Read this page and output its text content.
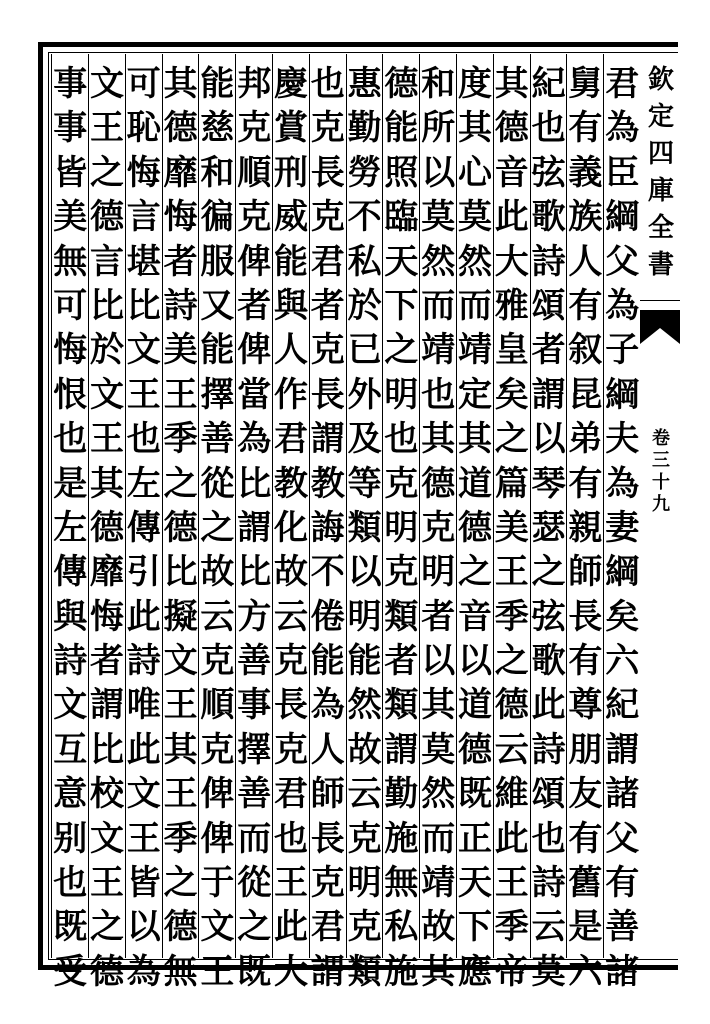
君
為
臣
綱
父
為
子
綱
夫
為
妻
綱
矣
六
紀
謂
諸
父
有
善
諸
舅
有
義
族
人
有
叙
昆
弟
有
親
師
長
有
尊
朋
友
有
舊
是
六
紀
也
弦
歌
詩
頌
者
謂
以
琴
瑟
之
弦
歌
此
詩
頌
也
詩
云
莫
其
德
音
此
大
雅
皇
矣
之
篇
美
王
季
之
德
云
維
此
王
季
帝
度
其
心
莫
然
而
靖
定
其
道
德
之
音
以
道
德
既
正
天
下
應
和
所
以
莫
然
而
靖
也
其
德
克
明
者
以
其
莫
然
而
靖
故
其
德
能
照
臨
天
下
之
明
也
克
明
克
類
者
類
謂
勤
施
無
私
施
惠
勤
勞
不
私
於
已
外
及
等
類
以
明
能
然
故
云
克
明
克
類
也
克
長
克
君
者
克
長
謂
教
誨
不
倦
能
為
人
師
長
克
君
謂
慶
賞
刑
威
能
與
人
作
君
教
化
故
云
克
長
克
君
也
王
此
大
邦
克
順
克
俾
者
俾
當
為
比
謂
比
方
善
事
擇
善
而
從
之
既
能
慈
和
徧
服
又
能
擇
善
從
之
故
云
克
順
克
俾
俾
于
文
王
其
德
靡
悔
者
詩
美
王
季
之
德
比
擬
文
王
其
王
季
之
德
無
可
恥
悔
言
堪
比
文
王
也
左
傳
引
此
詩
唯
此
文
王
皆
以
為
文
王
之
德
言
比
於
文
王
其
德
靡
悔
者
謂
比
校
文
王
之
德
事
事
皆
美
無
可
悔
恨
也
是
左
傳
與
詩
文
互
意
别
也
既
受
欽
定
四
庫
全
書
卷
三
十
九
